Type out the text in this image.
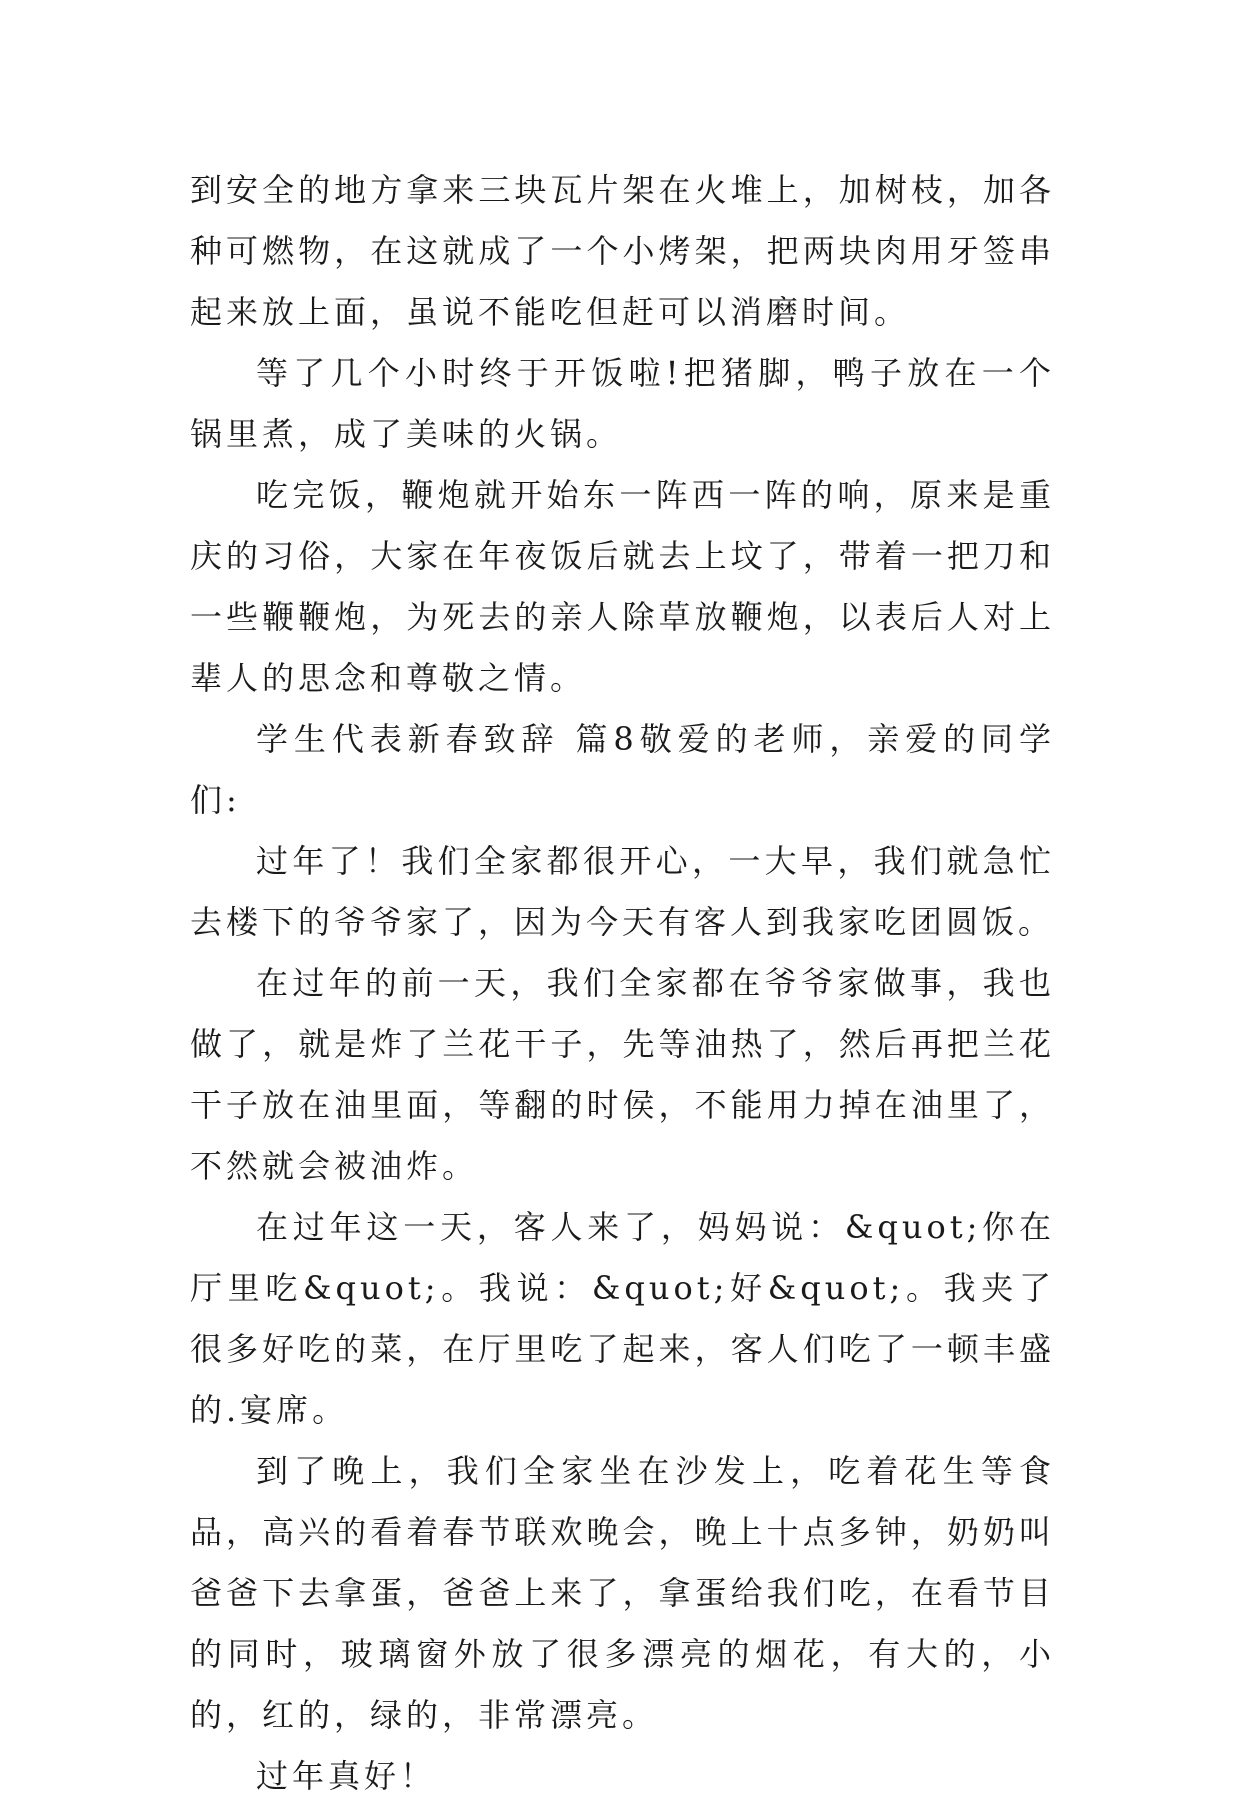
到安全的地方拿来三块瓦片架在火堆上，加树枝，加各种可燃物，在这就成了一个小烤架，把两块肉用牙签串起来放上面，虽说不能吃但赶可以消磨时间。

等了几个小时终于开饭啦!把猪脚，鸭子放在一个锅里煮，成了美味的火锅。

吃完饭，鞭炮就开始东一阵西一阵的响，原来是重庆的习俗，大家在年夜饭后就去上坟了，带着一把刀和一些鞭鞭炮，为死去的亲人除草放鞭炮，以表后人对上辈人的思念和尊敬之情。

学生代表新春致辞 篇8敬爱的老师，亲爱的同学们:

过年了！我们全家都很开心，一大早，我们就急忙去楼下的爷爷家了，因为今天有客人到我家吃团圆饭。

在过年的前一天，我们全家都在爷爷家做事，我也做了，就是炸了兰花干子，先等油热了，然后再把兰花干子放在油里面，等翻的时侯，不能用力掉在油里了，不然就会被油炸。

在过年这一天，客人来了，妈妈说：&quot;你在厅里吃&quot;。我说：&quot;好&quot;。我夹了很多好吃的菜，在厅里吃了起来，客人们吃了一顿丰盛的.宴席。

到了晚上，我们全家坐在沙发上，吃着花生等食品，高兴的看着春节联欢晚会，晚上十点多钟，奶奶叫爸爸下去拿蛋，爸爸上来了，拿蛋给我们吃，在看节目的同时，玻璃窗外放了很多漂亮的烟花，有大的，小的，红的，绿的，非常漂亮。

过年真好！
